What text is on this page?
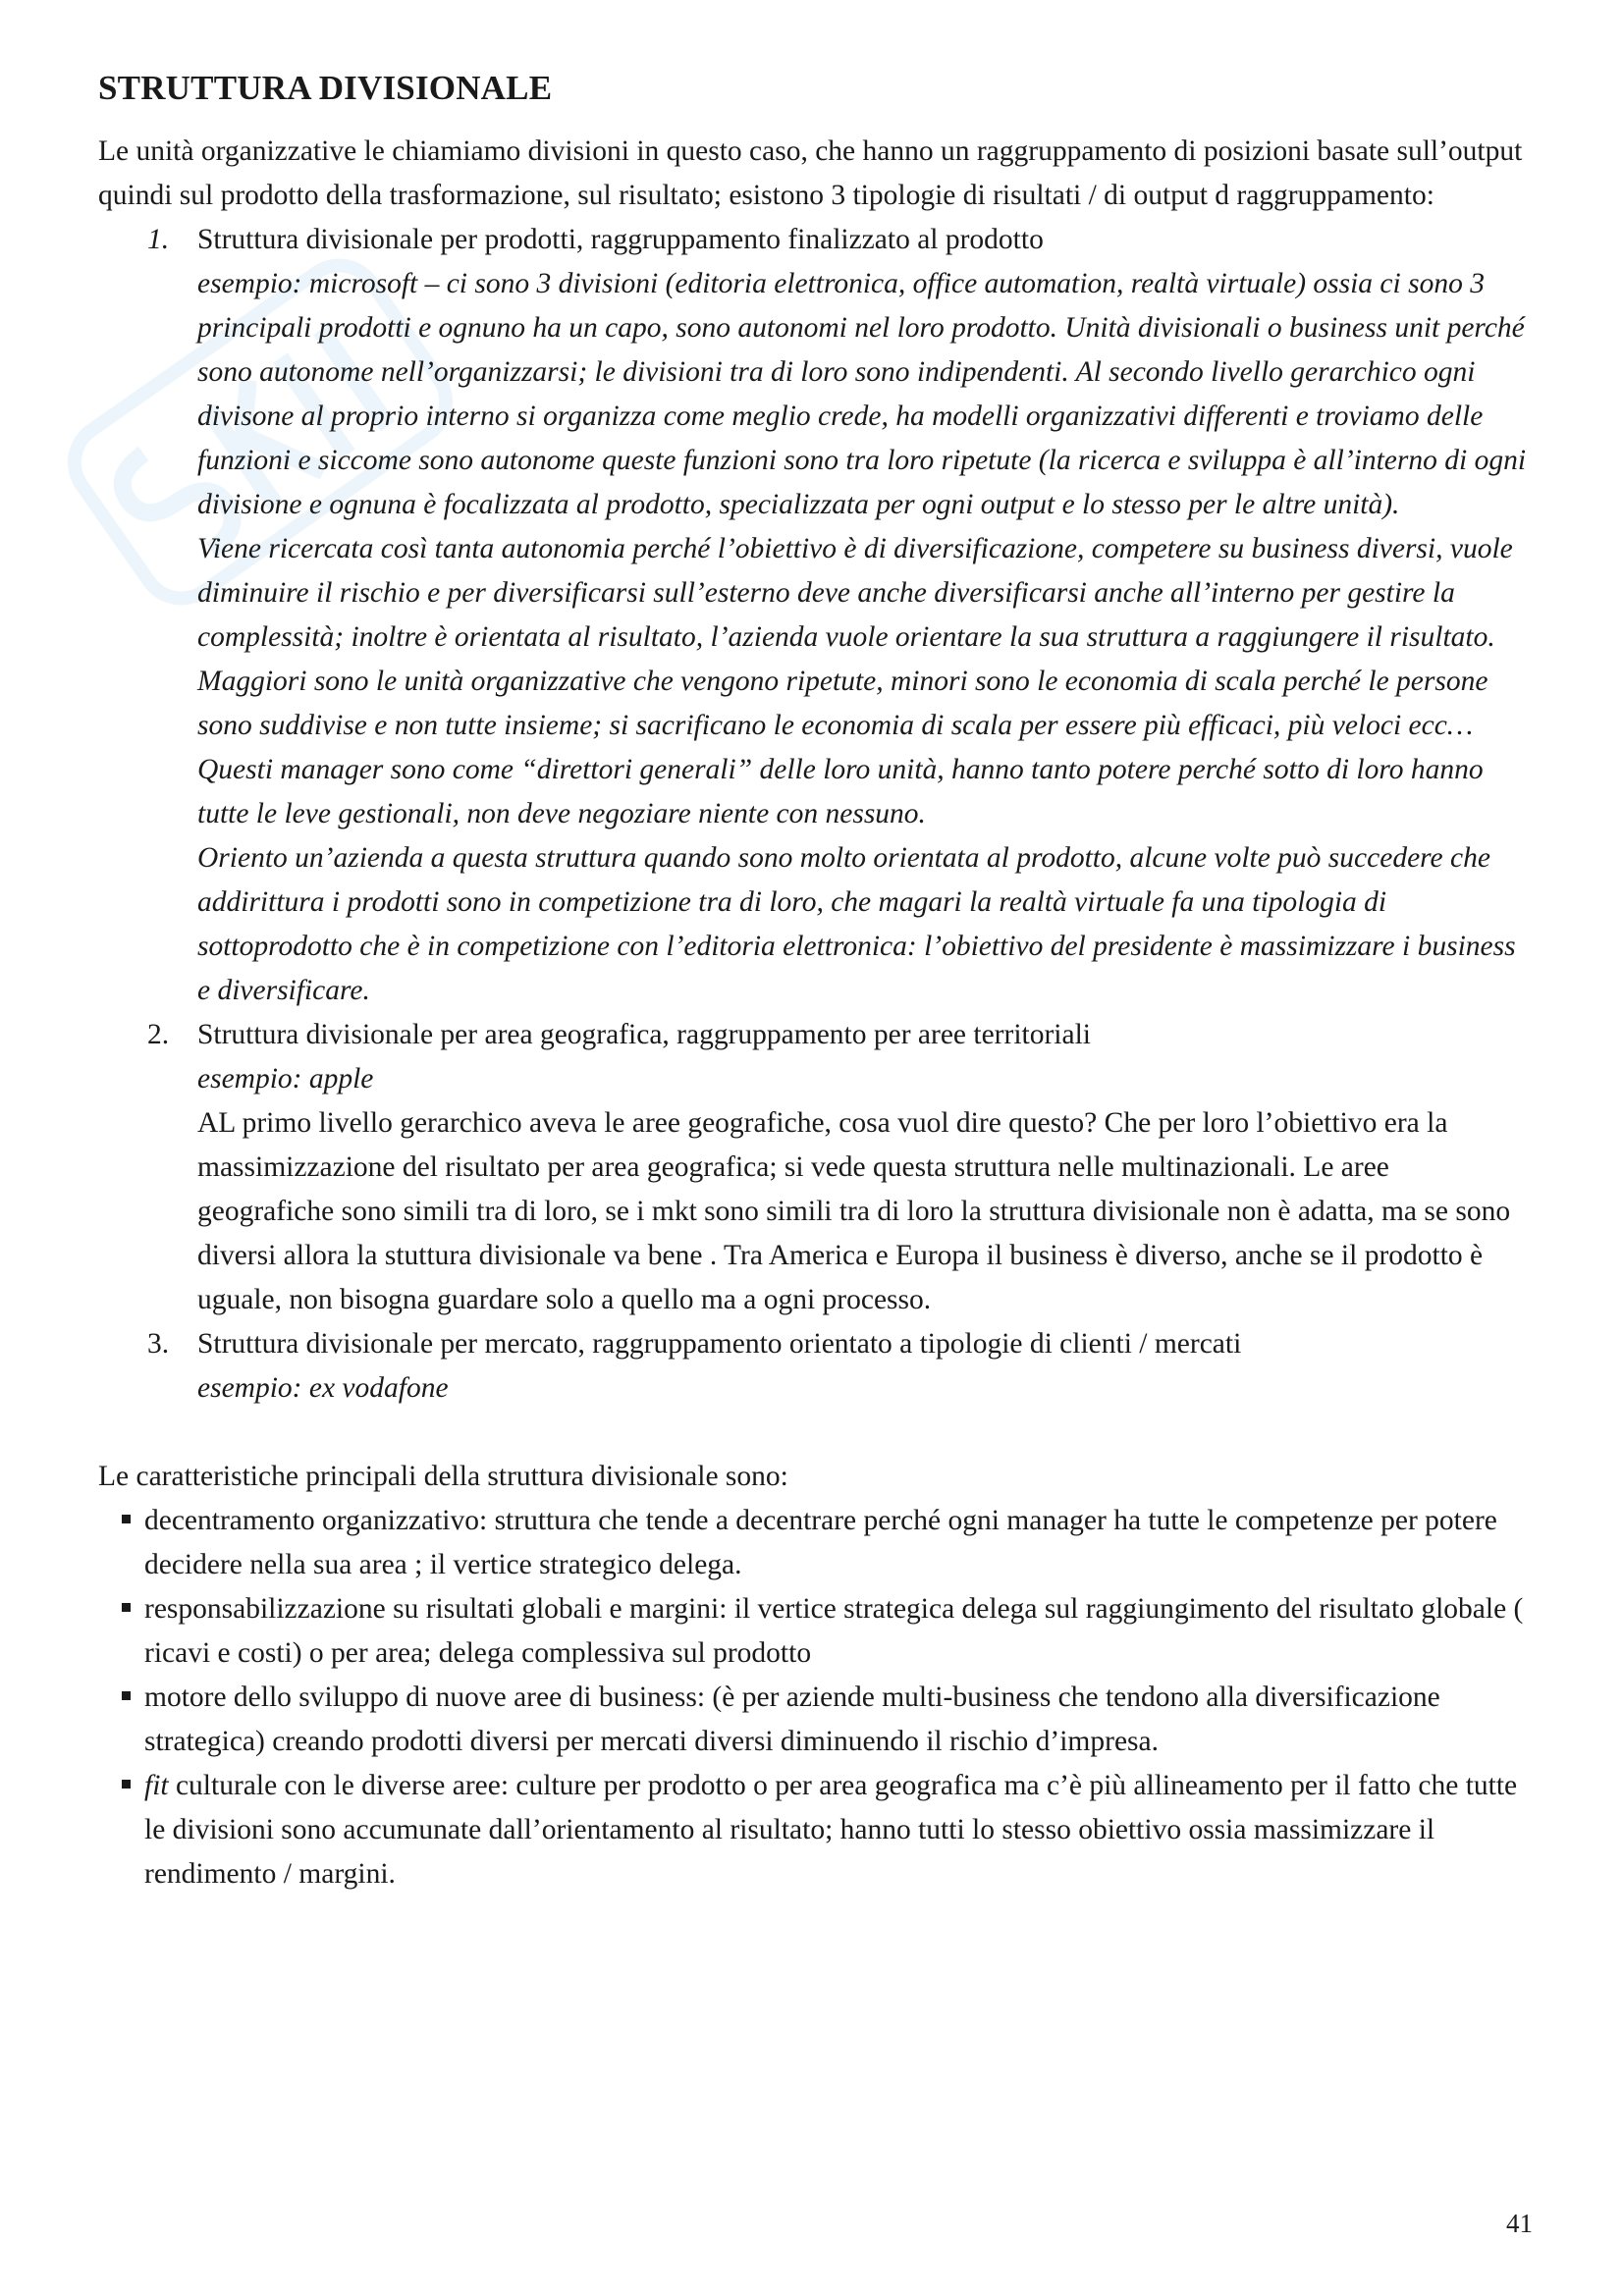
STRUTTURA DIVISIONALE

Le unità organizzative le chiamiamo divisioni in questo caso, che hanno un raggruppamento di posizioni basate sull’output quindi sul prodotto della trasformazione, sul risultato; esistono 3 tipologie di risultati / di output d raggruppamento:

1. Struttura divisionale per prodotti, raggruppamento finalizzato al prodotto
esempio: microsoft – ci sono 3 divisioni (editoria elettronica, office automation, realtà virtuale) ossia ci sono 3 principali prodotti e ognuno ha un capo, sono autonomi nel loro prodotto. Unità divisionali o business unit perché sono autonome nell’organizzarsi; le divisioni tra di loro sono indipendenti. Al secondo livello gerarchico ogni divisone al proprio interno si organizza come meglio crede, ha modelli organizzativi differenti e troviamo delle funzioni e siccome sono autonome queste funzioni sono tra loro ripetute (la ricerca e sviluppa è all’interno di ogni divisione e ognuna è focalizzata al prodotto, specializzata per ogni output e lo stesso per le altre unità).
Viene ricercata così tanta autonomia perché l’obiettivo è di diversificazione, competere su business diversi, vuole diminuire il rischio e per diversificarsi sull’esterno deve anche diversificarsi anche all’interno per gestire la complessità; inoltre è orientata al risultato, l’azienda vuole orientare la sua struttura a raggiungere il risultato.
Maggiori sono le unità organizzative che vengono ripetute, minori sono le economia di scala perché le persone sono suddivise e non tutte insieme; si sacrificano le economia di scala per essere più efficaci, più veloci ecc… Questi manager sono come “direttori generali” delle loro unità, hanno tanto potere perché sotto di loro hanno tutte le leve gestionali, non deve negoziare niente con nessuno.
Oriento un’azienda a questa struttura quando sono molto orientata al prodotto, alcune volte può succedere che addirittura i prodotti sono in competizione tra di loro, che magari la realtà virtuale fa una tipologia di sottoprodotto che è in competizione con l’editoria elettronica: l’obiettivo del presidente è massimizzare i business e diversificare.
2. Struttura divisionale per area geografica, raggruppamento per aree territoriali
esempio: apple
AL primo livello gerarchico aveva le aree geografiche, cosa vuol dire questo? Che per loro l’obiettivo era la massimizzazione del risultato per area geografica; si vede questa struttura nelle multinazionali. Le aree geografiche sono simili tra di loro, se i mkt sono simili tra di loro la struttura divisionale non è adatta, ma se sono diversi allora la stuttura divisionale va bene . Tra America e Europa il business è diverso, anche se il prodotto è uguale, non bisogna guardare solo a quello ma a ogni processo.
3. Struttura divisionale per mercato, raggruppamento orientato a tipologie di clienti / mercati
esempio: ex vodafone

Le caratteristiche principali della struttura divisionale sono:

decentramento organizzativo: struttura che tende a decentrare perché ogni manager ha tutte le competenze per potere decidere nella sua area ; il vertice strategico delega.
responsabilizzazione su risultati globali e margini: il vertice strategica delega sul raggiungimento del risultato globale ( ricavi e costi) o per area; delega complessiva sul prodotto
motore dello sviluppo di nuove aree di business: (è per aziende multi-business che tendono alla diversificazione strategica) creando prodotti diversi per mercati diversi diminuendo il rischio d’impresa.
fit culturale con le diverse aree: culture per prodotto o per area geografica ma c’è più allineamento per il fatto che tutte le divisioni sono accumunate dall’orientamento al risultato; hanno tutti lo stesso obiettivo ossia massimizzare il rendimento / margini.
41
